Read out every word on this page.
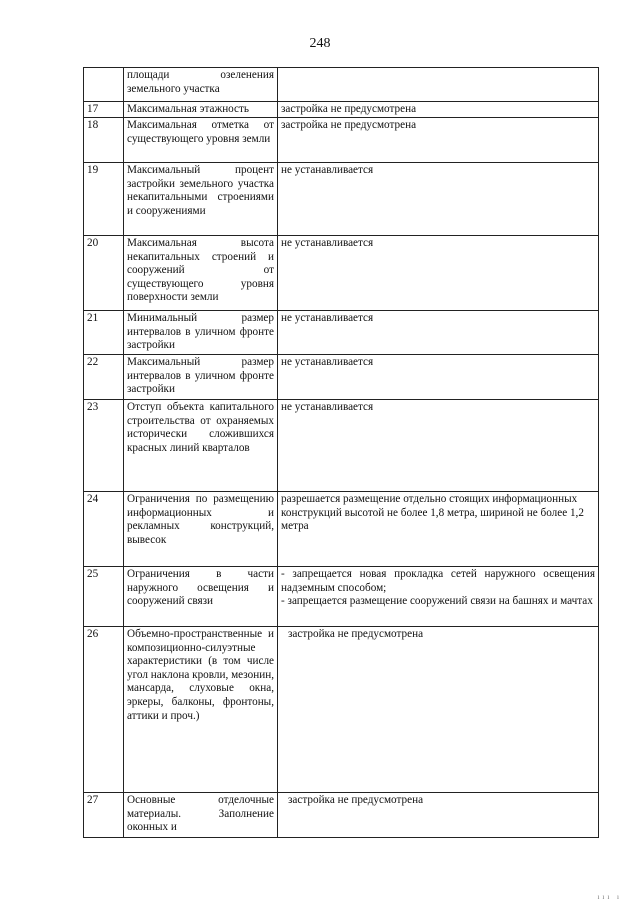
248
	площади озеленения земельного участка	
17	Максимальная этажность	застройка не предусмотрена
18	Максимальная отметка от существующего уровня земли	застройка не предусмотрена
19	Максимальный процент застройки земельного участка некапитальными строениями и сооружениями	не устанавливается
20	Максимальная высота некапитальных строений и сооружений от существующего уровня поверхности земли	не устанавливается
21	Минимальный размер интервалов в уличном фронте застройки	не устанавливается
22	Максимальный размер интервалов в уличном фронте застройки	не устанавливается
23	Отступ объекта капитального строительства от охраняемых исторически сложившихся красных линий кварталов	не устанавливается
24	Ограничения по размещению информационных и рекламных конструкций, вывесок	разрешается размещение отдельно стоящих информационных конструкций высотой не более 1,8 метра, шириной не более 1,2 метра
25	Ограничения в части наружного освещения и сооружений связи	- запрещается новая прокладка сетей наружного освещения надземным способом;
- запрещается размещение сооружений связи на башнях и мачтах

26	Объемно-пространственные и композиционно-силуэтные характеристики (в том числе угол наклона кровли, мезонин, мансарда, слуховые окна, эркеры, балконы, фронтоны, аттики и проч.)	застройка не предусмотрена
27	Основные отделочные материалы. Заполнение оконных и	застройка не предусмотрена
ııı ı
